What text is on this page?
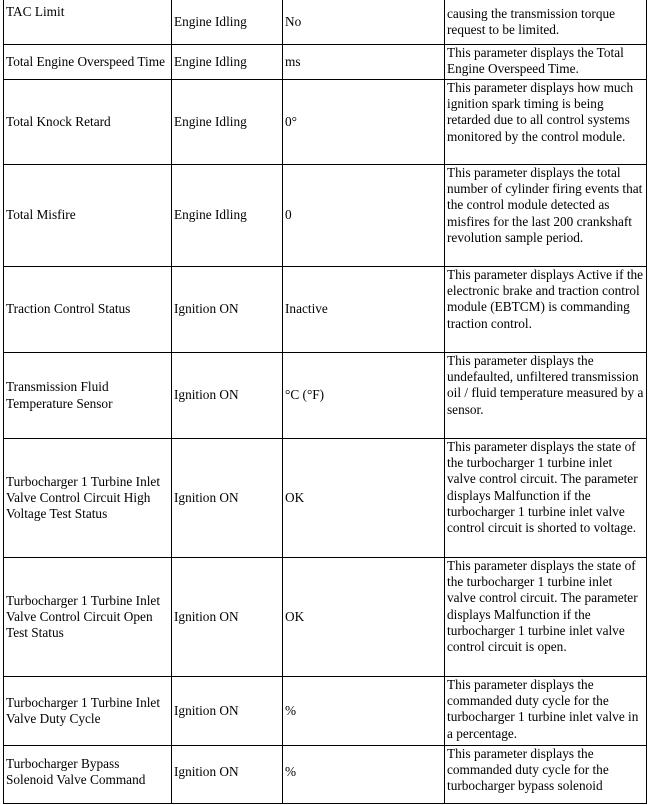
TAC Limit	Engine Idling	No	causing the transmission torque request to be limited.
Total Engine Overspeed Time	Engine Idling	ms	This parameter displays the Total Engine Overspeed Time.
Total Knock Retard	Engine Idling	0°	This parameter displays how much ignition spark timing is being retarded due to all control systems monitored by the control module.
Total Misfire	Engine Idling	0	This parameter displays the total number of cylinder firing events that the control module detected as misfires for the last 200 crankshaft revolution sample period.
Traction Control Status	Ignition ON	Inactive	This parameter displays Active if the electronic brake and traction control module (EBTCM) is commanding traction control.
Transmission Fluid Temperature Sensor	Ignition ON	°C (°F)	This parameter displays the undefaulted, unfiltered transmission oil / fluid temperature measured by a sensor.
Turbocharger 1 Turbine Inlet Valve Control Circuit High Voltage Test Status	Ignition ON	OK	This parameter displays the state of the turbocharger 1 turbine inlet valve control circuit. The parameter displays Malfunction if the turbocharger 1 turbine inlet valve control circuit is shorted to voltage.
Turbocharger 1 Turbine Inlet Valve Control Circuit Open Test Status	Ignition ON	OK	This parameter displays the state of the turbocharger 1 turbine inlet valve control circuit. The parameter displays Malfunction if the turbocharger 1 turbine inlet valve control circuit is open.
Turbocharger 1 Turbine Inlet Valve Duty Cycle	Ignition ON	%	This parameter displays the commanded duty cycle for the turbocharger 1 turbine inlet valve in a percentage.
Turbocharger Bypass Solenoid Valve Command	Ignition ON	%	This parameter displays the commanded duty cycle for the turbocharger bypass solenoid
